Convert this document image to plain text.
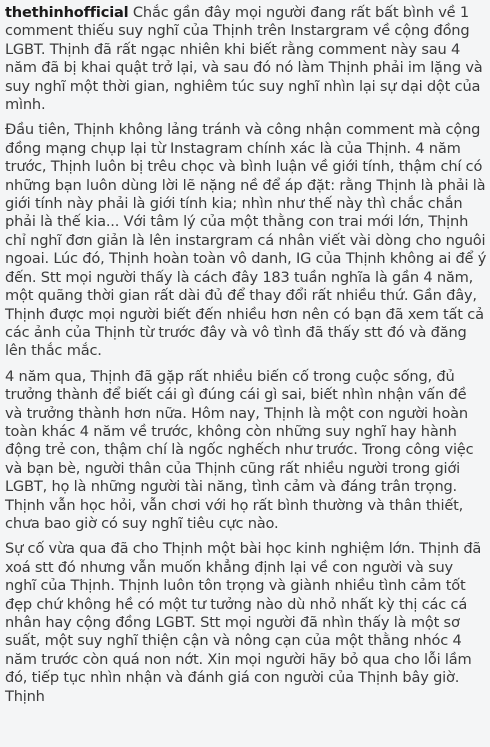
thethinhofficial Chắc gần đây mọi người đang rất bất bình về 1 comment thiếu suy nghĩ của Thịnh trên Instargram về cộng đồng LGBT. Thịnh đã rất ngạc nhiên khi biết rằng comment này sau 4 năm đã bị khai quật trở lại, và sau đó nó làm Thịnh phải im lặng và suy nghĩ một thời gian, nghiêm túc suy nghĩ nhìn lại sự dại dột của mình.

Đầu tiên, Thịnh không lảng tránh và công nhận comment mà cộng đồng mạng chụp lại từ Instagram chính xác là của Thịnh. 4 năm trước, Thịnh luôn bị trêu chọc và bình luận về giới tính, thậm chí có những bạn luôn dùng lời lẽ nặng nề để áp đặt: rằng Thịnh là phải là giới tính này phải là giới tính kia; nhìn như thế này thì chắc chắn phải là thế kia... Với tâm lý của một thằng con trai mới lớn, Thịnh chỉ nghĩ đơn giản là lên instargram cá nhân viết vài dòng cho nguôi ngoai. Lúc đó, Thịnh hoàn toàn vô danh, IG của Thịnh không ai để ý đến. Stt mọi người thấy là cách đây 183 tuần nghĩa là gần 4 năm, một quãng thời gian rất dài đủ để thay đổi rất nhiều thứ. Gần đây, Thịnh được mọi người biết đến nhiều hơn nên có bạn đã xem tất cả các ảnh của Thịnh từ trước đây và vô tình đã thấy stt đó và đăng lên thắc mắc.

4 năm qua, Thịnh đã gặp rất nhiều biến cố trong cuộc sống, đủ trưởng thành để biết cái gì đúng cái gì sai, biết nhìn nhận vấn đề và trưởng thành hơn nữa. Hôm nay, Thịnh là một con người hoàn toàn khác 4 năm về trước, không còn những suy nghĩ hay hành động trẻ con, thậm chí là ngốc nghếch như trước. Trong công việc và bạn bè, người thân của Thịnh cũng rất nhiều người trong giới LGBT, họ là những người tài năng, tình cảm và đáng trân trọng. Thịnh vẫn học hỏi, vẫn chơi với họ rất bình thường và thân thiết, chưa bao giờ có suy nghĩ tiêu cực nào.

Sự cố vừa qua đã cho Thịnh một bài học kinh nghiệm lớn. Thịnh đã xoá stt đó nhưng vẫn muốn khẳng định lại về con người và suy nghĩ của Thịnh. Thịnh luôn tôn trọng và giành nhiều tình cảm tốt đẹp chứ không hề có một tư tưởng nào dù nhỏ nhất kỳ thị các cá nhân hay cộng đồng LGBT. Stt mọi người đã nhìn thấy là một sơ suất, một suy nghĩ thiện cận và nông cạn của một thằng nhóc 4 năm trước còn quá non nớt. Xin mọi người hãy bỏ qua cho lỗi lầm đó, tiếp tục nhìn nhận và đánh giá con người của Thịnh bây giờ. Thịnh
